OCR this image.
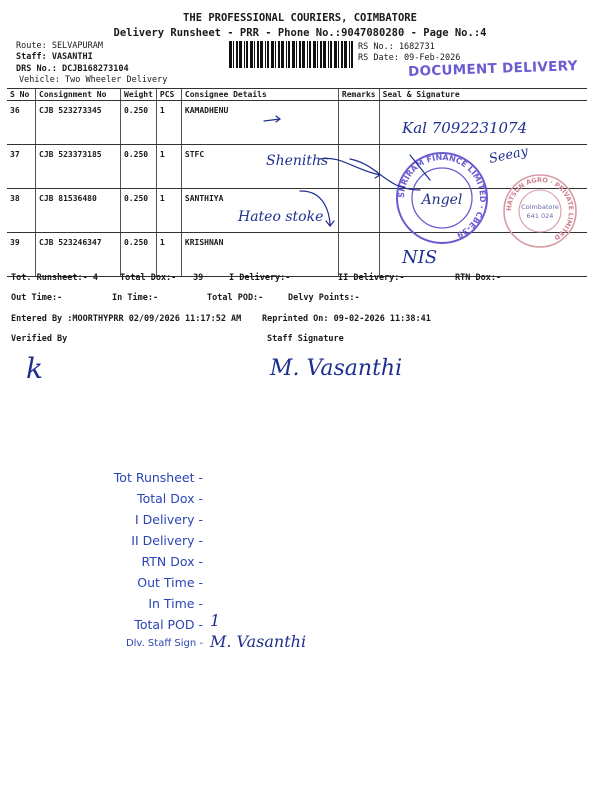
THE PROFESSIONAL COURIERS, COIMBATORE
Delivery Runsheet - PRR - Phone No.:9047080280 - Page No.:4
Route: SELVAPURAM
Staff: VASANTHI
DRS No.: DCJB168273104
Vehicle: Two Wheeler Delivery
RS No.: 1682731
RS Date: 09-Feb-2026
DOCUMENT DELIVERY
S No	Consignment No	Weight	PCS	Consignee Details	Remarks	Seal & Signature
36	CJB 523273345	0.250	1	KAMADHENU		
37	CJB 523373185	0.250	1	STFC		
38	CJB 81536480	0.250	1	SANTHIYA		
39	CJB 523246347	0.250	1	KRISHNAN		
SHRIRAM FINANCE LIMITED · CBE-39
Angel
HATSUN AGRO · PRIVATE LIMITED
Coimbatore
641 024
Kal 7092231074
Sheniths
Hateo stoke
NIS
Seeay
Tot. Runsheet:- 4	Total Dox:- 39	I Delivery:-	II Delivery:-	RTN Dox:-
Out Time:-	In Time:-	Total POD:-	Delvy Points:-
Entered By :MOORTHYPRR 02/09/2026 11:17:52 AM Reprinted On: 09-02-2026 11:38:41
Verified By	Staff Signature
k	M. Vasanthi
Tot Runsheet -
Total Dox -
I Delivery -
II Delivery -
RTN Dox -
Out Time -
In Time -
Total POD -
Dlv. Staff Sign -
1
M. Vasanthi
